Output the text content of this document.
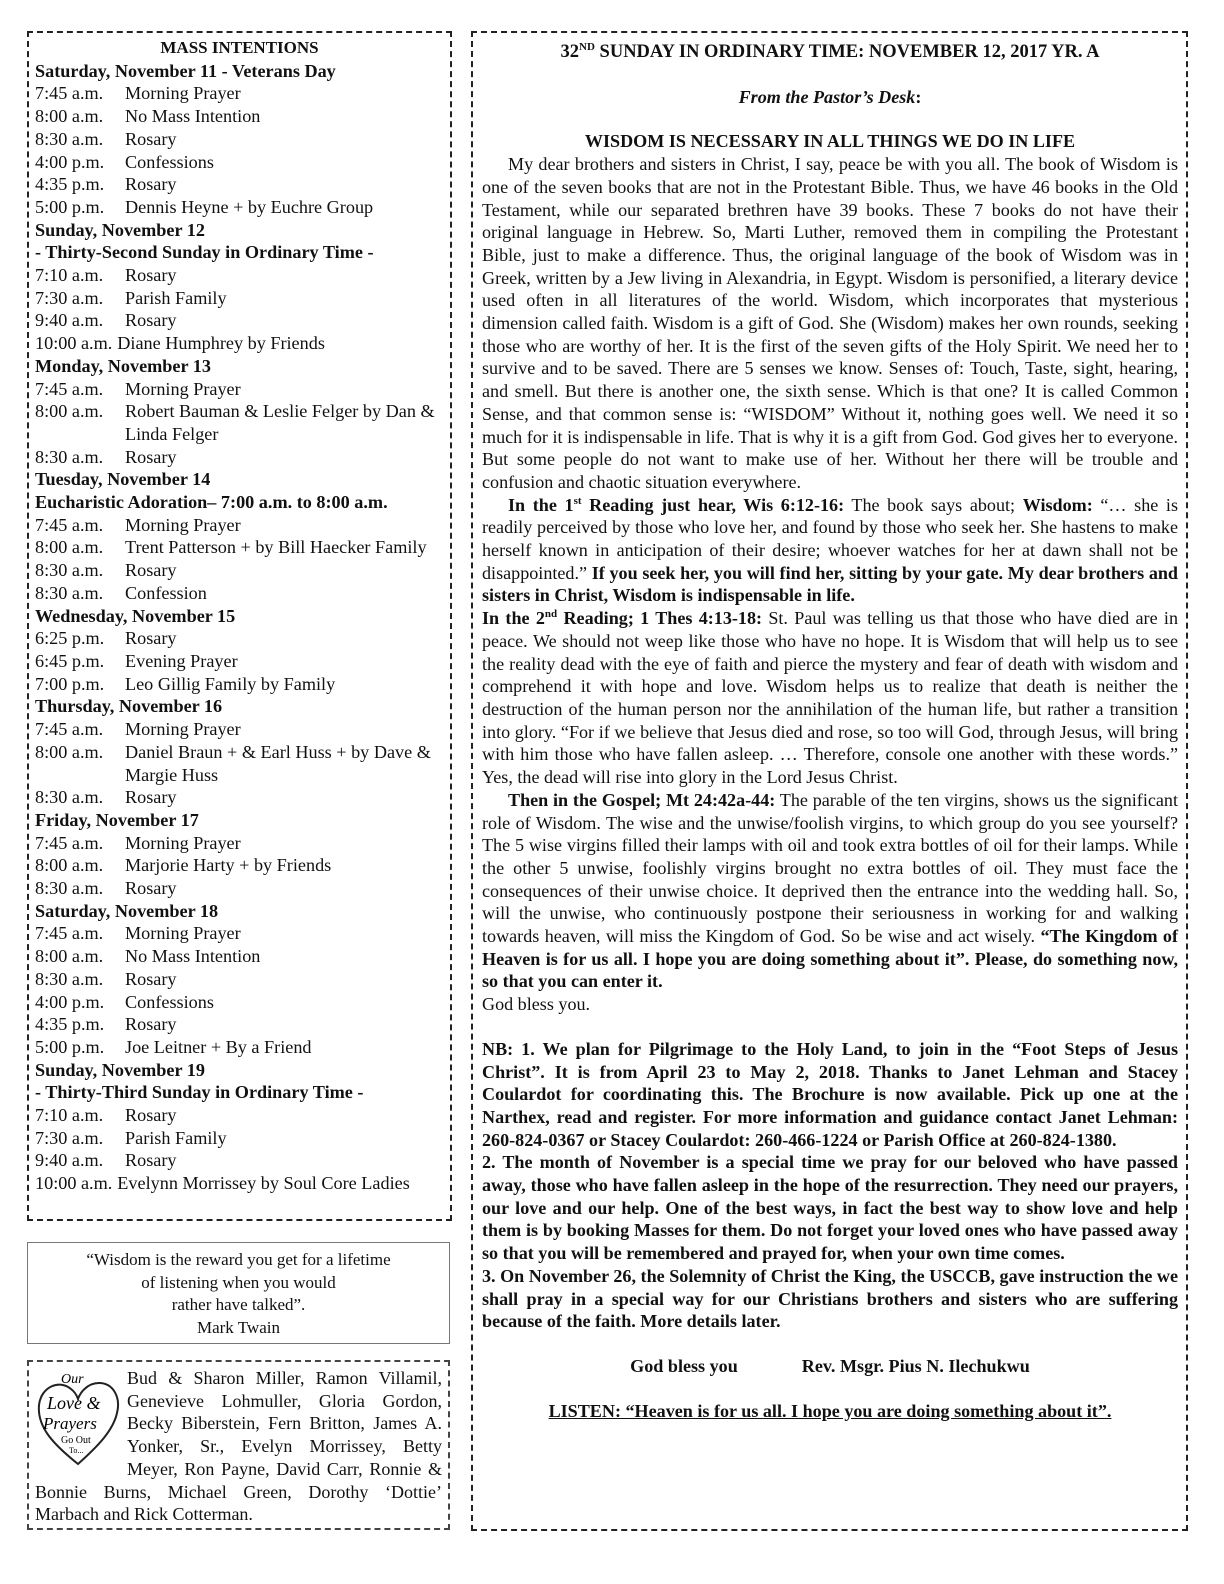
MASS INTENTIONS
Saturday, November 11 - Veterans Day
7:45 a.m.	Morning Prayer
8:00 a.m.	No Mass Intention
8:30 a.m.	Rosary
4:00 p.m.	Confessions
4:35 p.m.	Rosary
5:00 p.m.	Dennis Heyne + by Euchre Group
Sunday, November 12
- Thirty-Second Sunday in Ordinary Time -
7:10 a.m.	Rosary
7:30 a.m.	Parish Family
9:40 a.m.	Rosary
10:00 a.m. Diane Humphrey by Friends
Monday, November 13
7:45 a.m.	Morning Prayer
8:00 a.m.	Robert Bauman & Leslie Felger by Dan & Linda Felger
8:30 a.m.	Rosary
Tuesday, November 14
Eucharistic Adoration– 7:00 a.m. to 8:00 a.m.
7:45 a.m.	Morning Prayer
8:00 a.m.	Trent Patterson + by Bill Haecker Family
8:30 a.m.	Rosary
8:30 a.m.	Confession
Wednesday, November 15
6:25 p.m.	Rosary
6:45 p.m.	Evening Prayer
7:00 p.m.	Leo Gillig Family by Family
Thursday, November 16
7:45 a.m.	Morning Prayer
8:00 a.m.	Daniel Braun + & Earl Huss + by Dave & Margie Huss
8:30 a.m.	Rosary
Friday, November 17
7:45 a.m.	Morning Prayer
8:00 a.m.	Marjorie Harty + by Friends
8:30 a.m.	Rosary
Saturday, November 18
7:45 a.m.	Morning Prayer
8:00 a.m.	No Mass Intention
8:30 a.m.	Rosary
4:00 p.m.	Confessions
4:35 p.m.	Rosary
5:00 p.m.	Joe Leitner + By a Friend
Sunday, November 19
- Thirty-Third Sunday in Ordinary Time -
7:10 a.m.	Rosary
7:30 a.m.	Parish Family
9:40 a.m.	Rosary
10:00 a.m. Evelynn Morrissey by Soul Core Ladies
“Wisdom is the reward you get for a lifetime
of listening when you would
rather have talked”.
Mark Twain
Our
Love &
Prayers
Go Out
To...
Bud & Sharon Miller, Ramon Villamil, Genevieve Lohmuller, Gloria Gordon, Becky Biberstein, Fern Britton, James A. Yonker, Sr., Evelyn Morrissey, Betty Meyer, Ron Payne, David Carr, Ronnie & Bonnie Burns, Michael Green, Dorothy ‘Dottie’ Marbach and Rick Cotterman.
32ND SUNDAY IN ORDINARY TIME: NOVEMBER 12, 2017 YR. A
From the Pastor’s Desk:
WISDOM IS NECESSARY IN ALL THINGS WE DO IN LIFE

My dear brothers and sisters in Christ, I say, peace be with you all. The book of Wisdom is one of the seven books that are not in the Protestant Bible. Thus, we have 46 books in the Old Testament, while our separated brethren have 39 books. These 7 books do not have their original language in Hebrew. So, Marti Luther, removed them in compiling the Protestant Bible, just to make a difference. Thus, the original language of the book of Wisdom was in Greek, written by a Jew living in Alexandria, in Egypt. Wisdom is personified, a literary device used often in all literatures of the world. Wisdom, which incorporates that mysterious dimension called faith. Wisdom is a gift of God. She (Wisdom) makes her own rounds, seeking those who are worthy of her. It is the first of the seven gifts of the Holy Spirit. We need her to survive and to be saved. There are 5 senses we know. Senses of: Touch, Taste, sight, hearing, and smell. But there is another one, the sixth sense. Which is that one? It is called Common Sense, and that common sense is: “WISDOM” Without it, nothing goes well. We need it so much for it is indispensable in life. That is why it is a gift from God. God gives her to everyone. But some people do not want to make use of her. Without her there will be trouble and confusion and chaotic situation everywhere.

In the 1st Reading just hear, Wis 6:12-16: The book says about; Wisdom: “… she is readily perceived by those who love her, and found by those who seek her. She hastens to make herself known in anticipation of their desire; whoever watches for her at dawn shall not be disappointed.” If you seek her, you will find her, sitting by your gate. My dear brothers and sisters in Christ, Wisdom is indispensable in life.

In the 2nd Reading; 1 Thes 4:13-18: St. Paul was telling us that those who have died are in peace. We should not weep like those who have no hope. It is Wisdom that will help us to see the reality dead with the eye of faith and pierce the mystery and fear of death with wisdom and comprehend it with hope and love. Wisdom helps us to realize that death is neither the destruction of the human person nor the annihilation of the human life, but rather a transition into glory. “For if we believe that Jesus died and rose, so too will God, through Jesus, will bring with him those who have fallen asleep. … Therefore, console one another with these words.” Yes, the dead will rise into glory in the Lord Jesus Christ.

Then in the Gospel; Mt 24:42a-44: The parable of the ten virgins, shows us the significant role of Wisdom. The wise and the unwise/foolish virgins, to which group do you see yourself? The 5 wise virgins filled their lamps with oil and took extra bottles of oil for their lamps. While the other 5 unwise, foolishly virgins brought no extra bottles of oil. They must face the consequences of their unwise choice. It deprived then the entrance into the wedding hall. So, will the unwise, who continuously postpone their seriousness in working for and walking towards heaven, will miss the Kingdom of God. So be wise and act wisely. “The Kingdom of Heaven is for us all. I hope you are doing something about it”. Please, do something now, so that you can enter it.

God bless you.

NB: 1. We plan for Pilgrimage to the Holy Land, to join in the “Foot Steps of Jesus Christ”. It is from April 23 to May 2, 2018. Thanks to Janet Lehman and Stacey Coulardot for coordinating this. The Brochure is now available. Pick up one at the Narthex, read and register. For more information and guidance contact Janet Lehman: 260-824-0367 or Stacey Coulardot: 260-466-1224 or Parish Office at 260-824-1380.

2. The month of November is a special time we pray for our beloved who have passed away, those who have fallen asleep in the hope of the resurrection. They need our prayers, our love and our help. One of the best ways, in fact the best way to show love and help them is by booking Masses for them. Do not forget your loved ones who have passed away so that you will be remembered and prayed for, when your own time comes.

3. On November 26, the Solemnity of Christ the King, the USCCB, gave instruction the we shall pray in a special way for our Christians brothers and sisters who are suffering because of the faith. More details later.

God bless you	Rev. Msgr. Pius N. Ilechukwu
LISTEN: “Heaven is for us all. I hope you are doing something about it”.
